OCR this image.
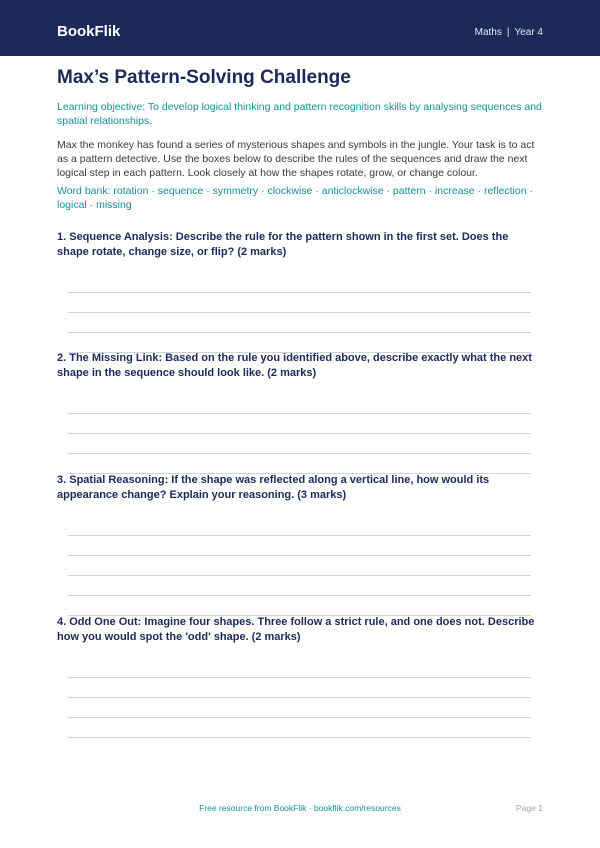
BookFlik	Maths | Year 4
Max’s Pattern-Solving Challenge

Learning objective: To develop logical thinking and pattern recognition skills by analysing sequences and spatial relationships.

Max the monkey has found a series of mysterious shapes and symbols in the jungle. Your task is to act as a pattern detective. Use the boxes below to describe the rules of the sequences and draw the next logical step in each pattern. Look closely at how the shapes rotate, grow, or change colour.

Word bank: rotation · sequence · symmetry · clockwise · anticlockwise · pattern · increase · reflection · logical · missing

1. Sequence Analysis: Describe the rule for the pattern shown in the first set. Does the shape rotate, change size, or flip? (2 marks)

2. The Missing Link: Based on the rule you identified above, describe exactly what the next shape in the sequence should look like. (2 marks)

3. Spatial Reasoning: If the shape was reflected along a vertical line, how would its appearance change? Explain your reasoning. (3 marks)

4. Odd One Out: Imagine four shapes. Three follow a strict rule, and one does not. Describe how you would spot the 'odd' shape. (2 marks)

Free resource from BookFlik · bookflik.com/resources	Page 1
